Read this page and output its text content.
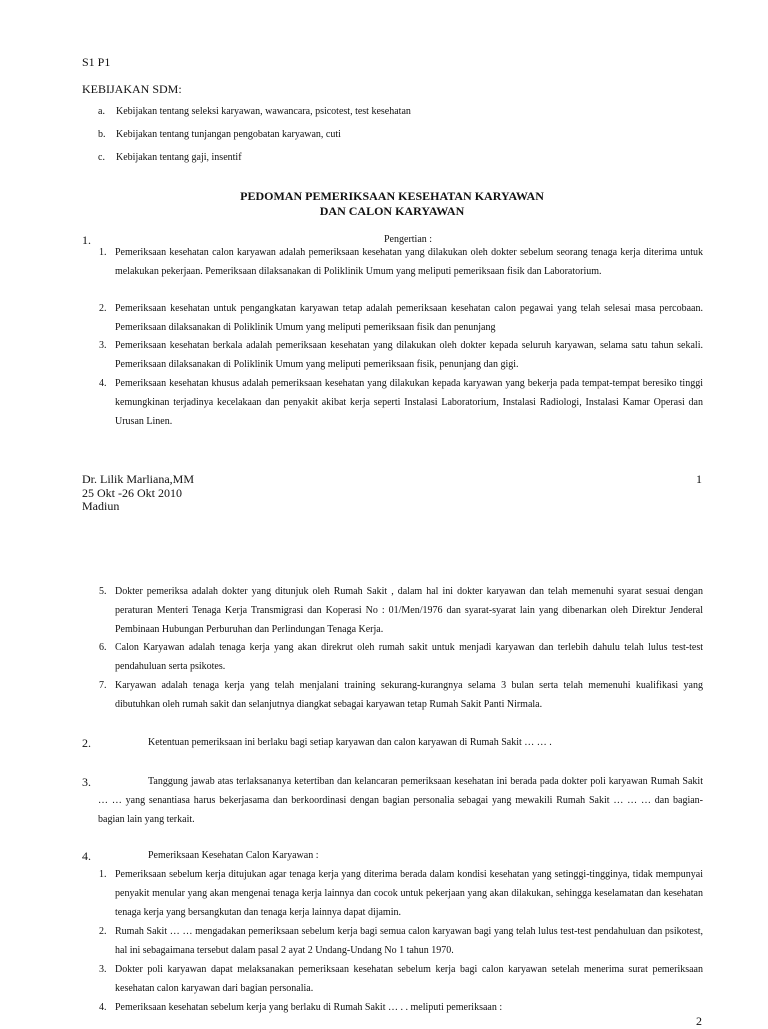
S1 P1
KEBIJAKAN SDM:
a. Kebijakan tentang seleksi karyawan, wawancara, psicotest, test kesehatan
b. Kebijakan tentang tunjangan pengobatan karyawan, cuti
c. Kebijakan tentang gaji, insentif
PEDOMAN PEMERIKSAAN KESEHATAN KARYAWAN
DAN CALON KARYAWAN
1.	Pengertian :
1. Pemeriksaan kesehatan calon karyawan adalah pemeriksaan kesehatan yang dilakukan oleh dokter sebelum seorang tenaga kerja diterima untuk melakukan pekerjaan. Pemeriksaan dilaksanakan di Poliklinik Umum yang meliputi pemeriksaan fisik dan Laboratorium.
2. Pemeriksaan kesehatan untuk pengangkatan karyawan tetap adalah pemeriksaan kesehatan calon pegawai yang telah selesai masa percobaan. Pemeriksaan dilaksanakan di Poliklinik Umum yang meliputi pemeriksaan fisik dan penunjang
3. Pemeriksaan kesehatan berkala adalah pemeriksaan kesehatan yang dilakukan oleh dokter kepada seluruh karyawan, selama satu tahun sekali. Pemeriksaan dilaksanakan di Poliklinik Umum yang meliputi pemeriksaan fisik, penunjang dan gigi.
4. Pemeriksaan kesehatan khusus adalah pemeriksaan kesehatan yang dilakukan kepada karyawan yang bekerja pada tempat-tempat beresiko tinggi kemungkinan terjadinya kecelakaan dan penyakit akibat kerja seperti Instalasi Laboratorium, Instalasi Radiologi, Instalasi Kamar Operasi dan Urusan Linen.
Dr. Lilik Marliana,MM
25 Okt -26 Okt 2010
Madiun
1
5. Dokter pemeriksa adalah dokter yang ditunjuk oleh Rumah Sakit , dalam hal ini dokter karyawan dan telah memenuhi syarat sesuai dengan peraturan Menteri Tenaga Kerja Transmigrasi dan Koperasi No : 01/Men/1976 dan syarat-syarat lain yang dibenarkan oleh Direktur Jenderal Pembinaan Hubungan Perburuhan dan Perlindungan Tenaga Kerja.
6. Calon Karyawan adalah tenaga kerja yang akan direkrut oleh rumah sakit untuk menjadi karyawan dan terlebih dahulu telah lulus test-test pendahuluan serta psikotes.
7. Karyawan adalah tenaga kerja yang telah menjalani training sekurang-kurangnya selama 3 bulan serta telah memenuhi kualifikasi yang dibutuhkan oleh rumah sakit dan selanjutnya diangkat sebagai karyawan tetap Rumah Sakit Panti Nirmala.
2.	Ketentuan pemeriksaan ini berlaku bagi setiap karyawan dan calon karyawan di Rumah Sakit … … .
3.	Tanggung jawab atas terlaksananya ketertiban dan kelancaran pemeriksaan kesehatan ini berada pada dokter poli karyawan Rumah Sakit … … yang senantiasa harus bekerjasama dan berkoordinasi dengan bagian personalia sebagai yang mewakili Rumah Sakit … … … dan bagian-bagian lain yang terkait.
4.	Pemeriksaan Kesehatan Calon Karyawan :
1. Pemeriksaan sebelum kerja ditujukan agar tenaga kerja yang diterima berada dalam kondisi kesehatan yang setinggi-tingginya, tidak mempunyai penyakit menular yang akan mengenai tenaga kerja lainnya dan cocok untuk pekerjaan yang akan dilakukan, sehingga keselamatan dan kesehatan tenaga kerja yang bersangkutan dan tenaga kerja lainnya dapat dijamin.
2. Rumah Sakit … … mengadakan pemeriksaan sebelum kerja bagi semua calon karyawan bagi yang telah lulus test-test pendahuluan dan psikotest, hal ini sebagaimana tersebut dalam pasal 2 ayat 2 Undang-Undang No 1 tahun 1970.
3. Dokter poli karyawan dapat melaksanakan pemeriksaan kesehatan sebelum kerja bagi calon karyawan setelah menerima surat pemeriksaan kesehatan calon karyawan dari bagian personalia.
4. Pemeriksaan kesehatan sebelum kerja yang berlaku di Rumah Sakit … . . meliputi pemeriksaan :
2
